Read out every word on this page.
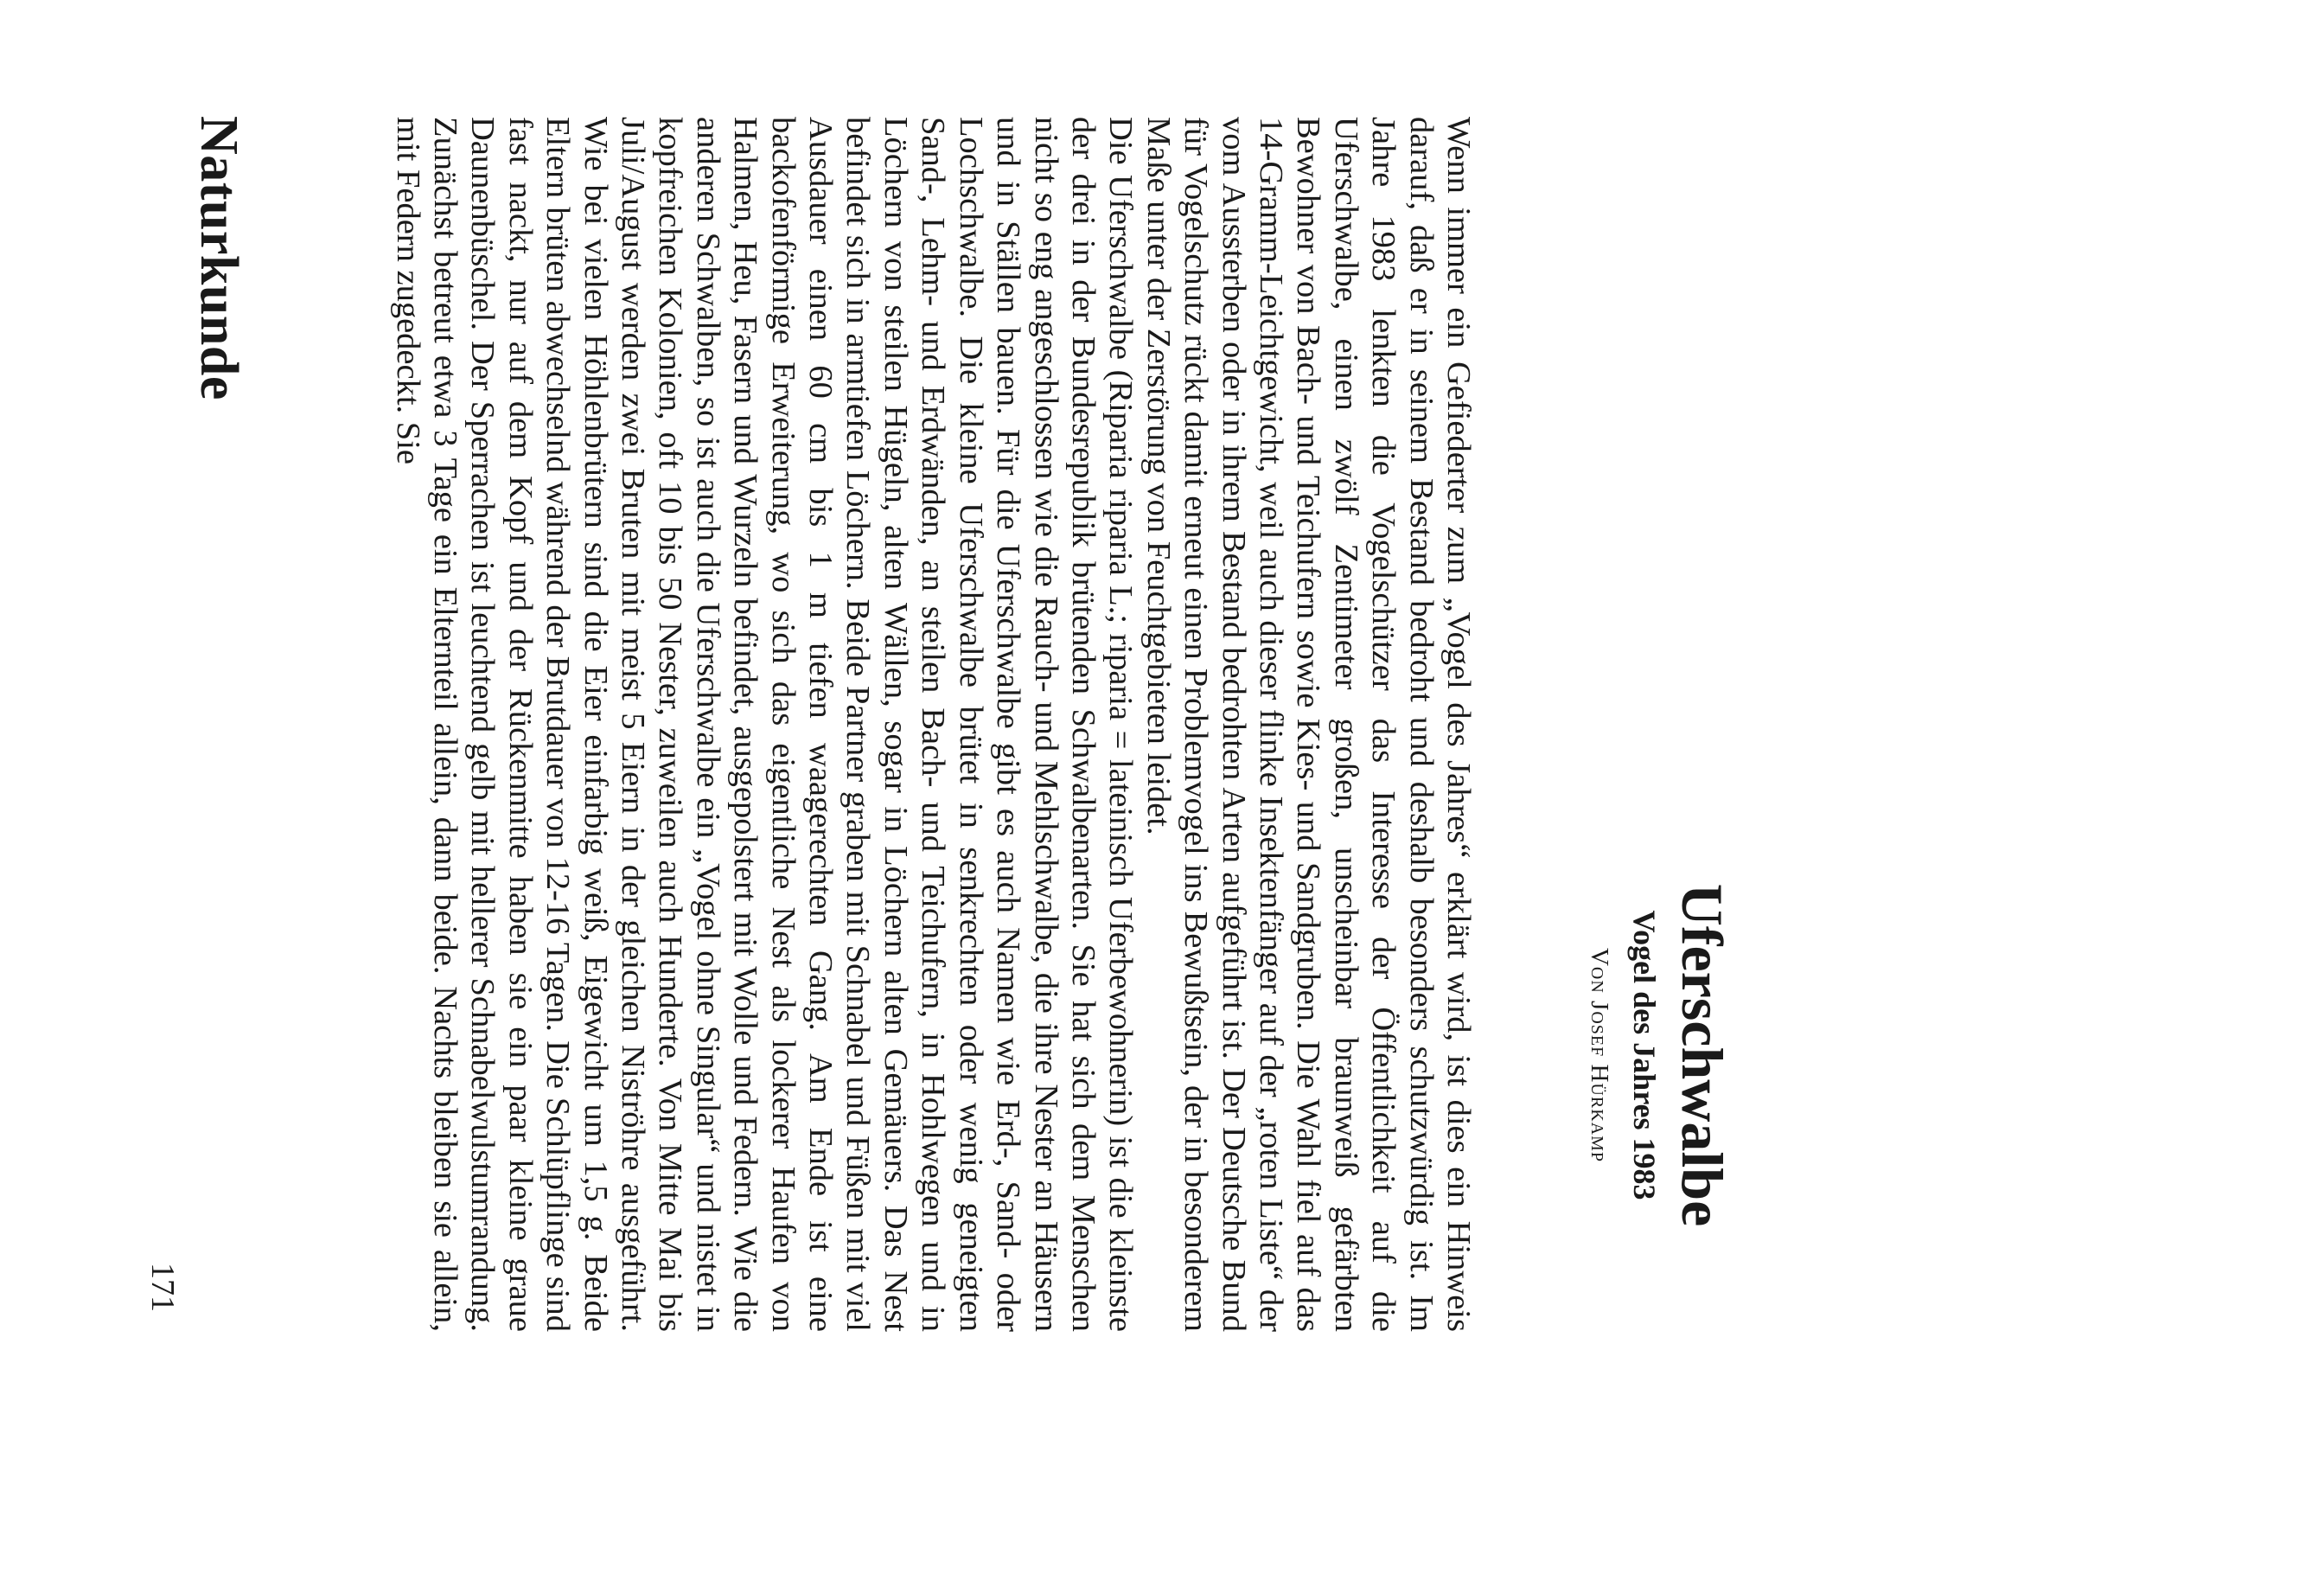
Naturkunde
Uferschwalbe
Vogel des Jahres 1983
Von Josef Hürkamp

Wenn immer ein Gefiederter zum „Vogel des Jahres“ erklärt wird, ist dies ein Hinweis darauf, daß er in seinem Bestand bedroht und deshalb besonders schutzwürdig ist. Im Jahre 1983 lenkten die Vogelschützer das Interesse der Öffentlichkeit auf die Uferschwalbe, einen zwölf Zentimeter großen, unscheinbar braunweiß gefärbten Bewohner von Bach- und Teichufern sowie Kies- und Sandgruben. Die Wahl fiel auf das 14-Gramm-Leichtgewicht, weil auch dieser flinke Insektenfänger auf der „roten Liste“ der vom Aussterben oder in ihrem Bestand bedrohten Arten aufgeführt ist. Der Deutsche Bund für Vogelschutz rückt damit erneut einen Problemvogel ins Bewußtsein, der in besonderem Maße unter der Zerstörung von Feuchtgebieten leidet.

Die Uferschwalbe (Riparia riparia L.; riparia = lateinisch Uferbewohnerin) ist die kleinste der drei in der Bundesrepublik brütenden Schwalbenarten. Sie hat sich dem Menschen nicht so eng angeschlossen wie die Rauch- und Mehlschwalbe, die ihre Nester an Häusern und in Ställen bauen. Für die Uferschwalbe gibt es auch Namen wie Erd-, Sand- oder Lochschwalbe. Die kleine Uferschwalbe brütet in senkrechten oder wenig geneigten Sand-, Lehm- und Erdwänden, an steilen Bach- und Teichufern, in Hohlwegen und in Löchern von steilen Hügeln, alten Wällen, sogar in Löchern alten Gemäuers. Das Nest befindet sich in armtiefen Löchern. Beide Partner graben mit Schnabel und Füßen mit viel Ausdauer einen 60 cm bis 1 m tiefen waagerechten Gang. Am Ende ist eine backofenförmige Erweiterung, wo sich das eigentliche Nest als lockerer Haufen von Halmen, Heu, Fasern und Wurzeln befindet, ausgepolstert mit Wolle und Federn. Wie die anderen Schwalben, so ist auch die Uferschwalbe ein „Vogel ohne Singular“ und nistet in kopfreichen Kolonien, oft 10 bis 50 Nester, zuweilen auch Hunderte. Von Mitte Mai bis Juli/August werden zwei Bruten mit meist 5 Eiern in der gleichen Niströhre ausgeführt. Wie bei vielen Höhlenbrütern sind die Eier einfarbig weiß, Eigewicht um 1,5 g. Beide Eltern brüten abwechselnd während der Brutdauer von 12-16 Tagen. Die Schlüpflinge sind fast nackt, nur auf dem Kopf und der Rückenmitte haben sie ein paar kleine graue Daunenbüschel. Der Sperrachen ist leuchtend gelb mit hellerer Schnabelwulstumrandung. Zunächst betreut etwa 3 Tage ein Elternteil allein, dann beide. Nachts bleiben sie allein, mit Federn zugedeckt. Sie

171
